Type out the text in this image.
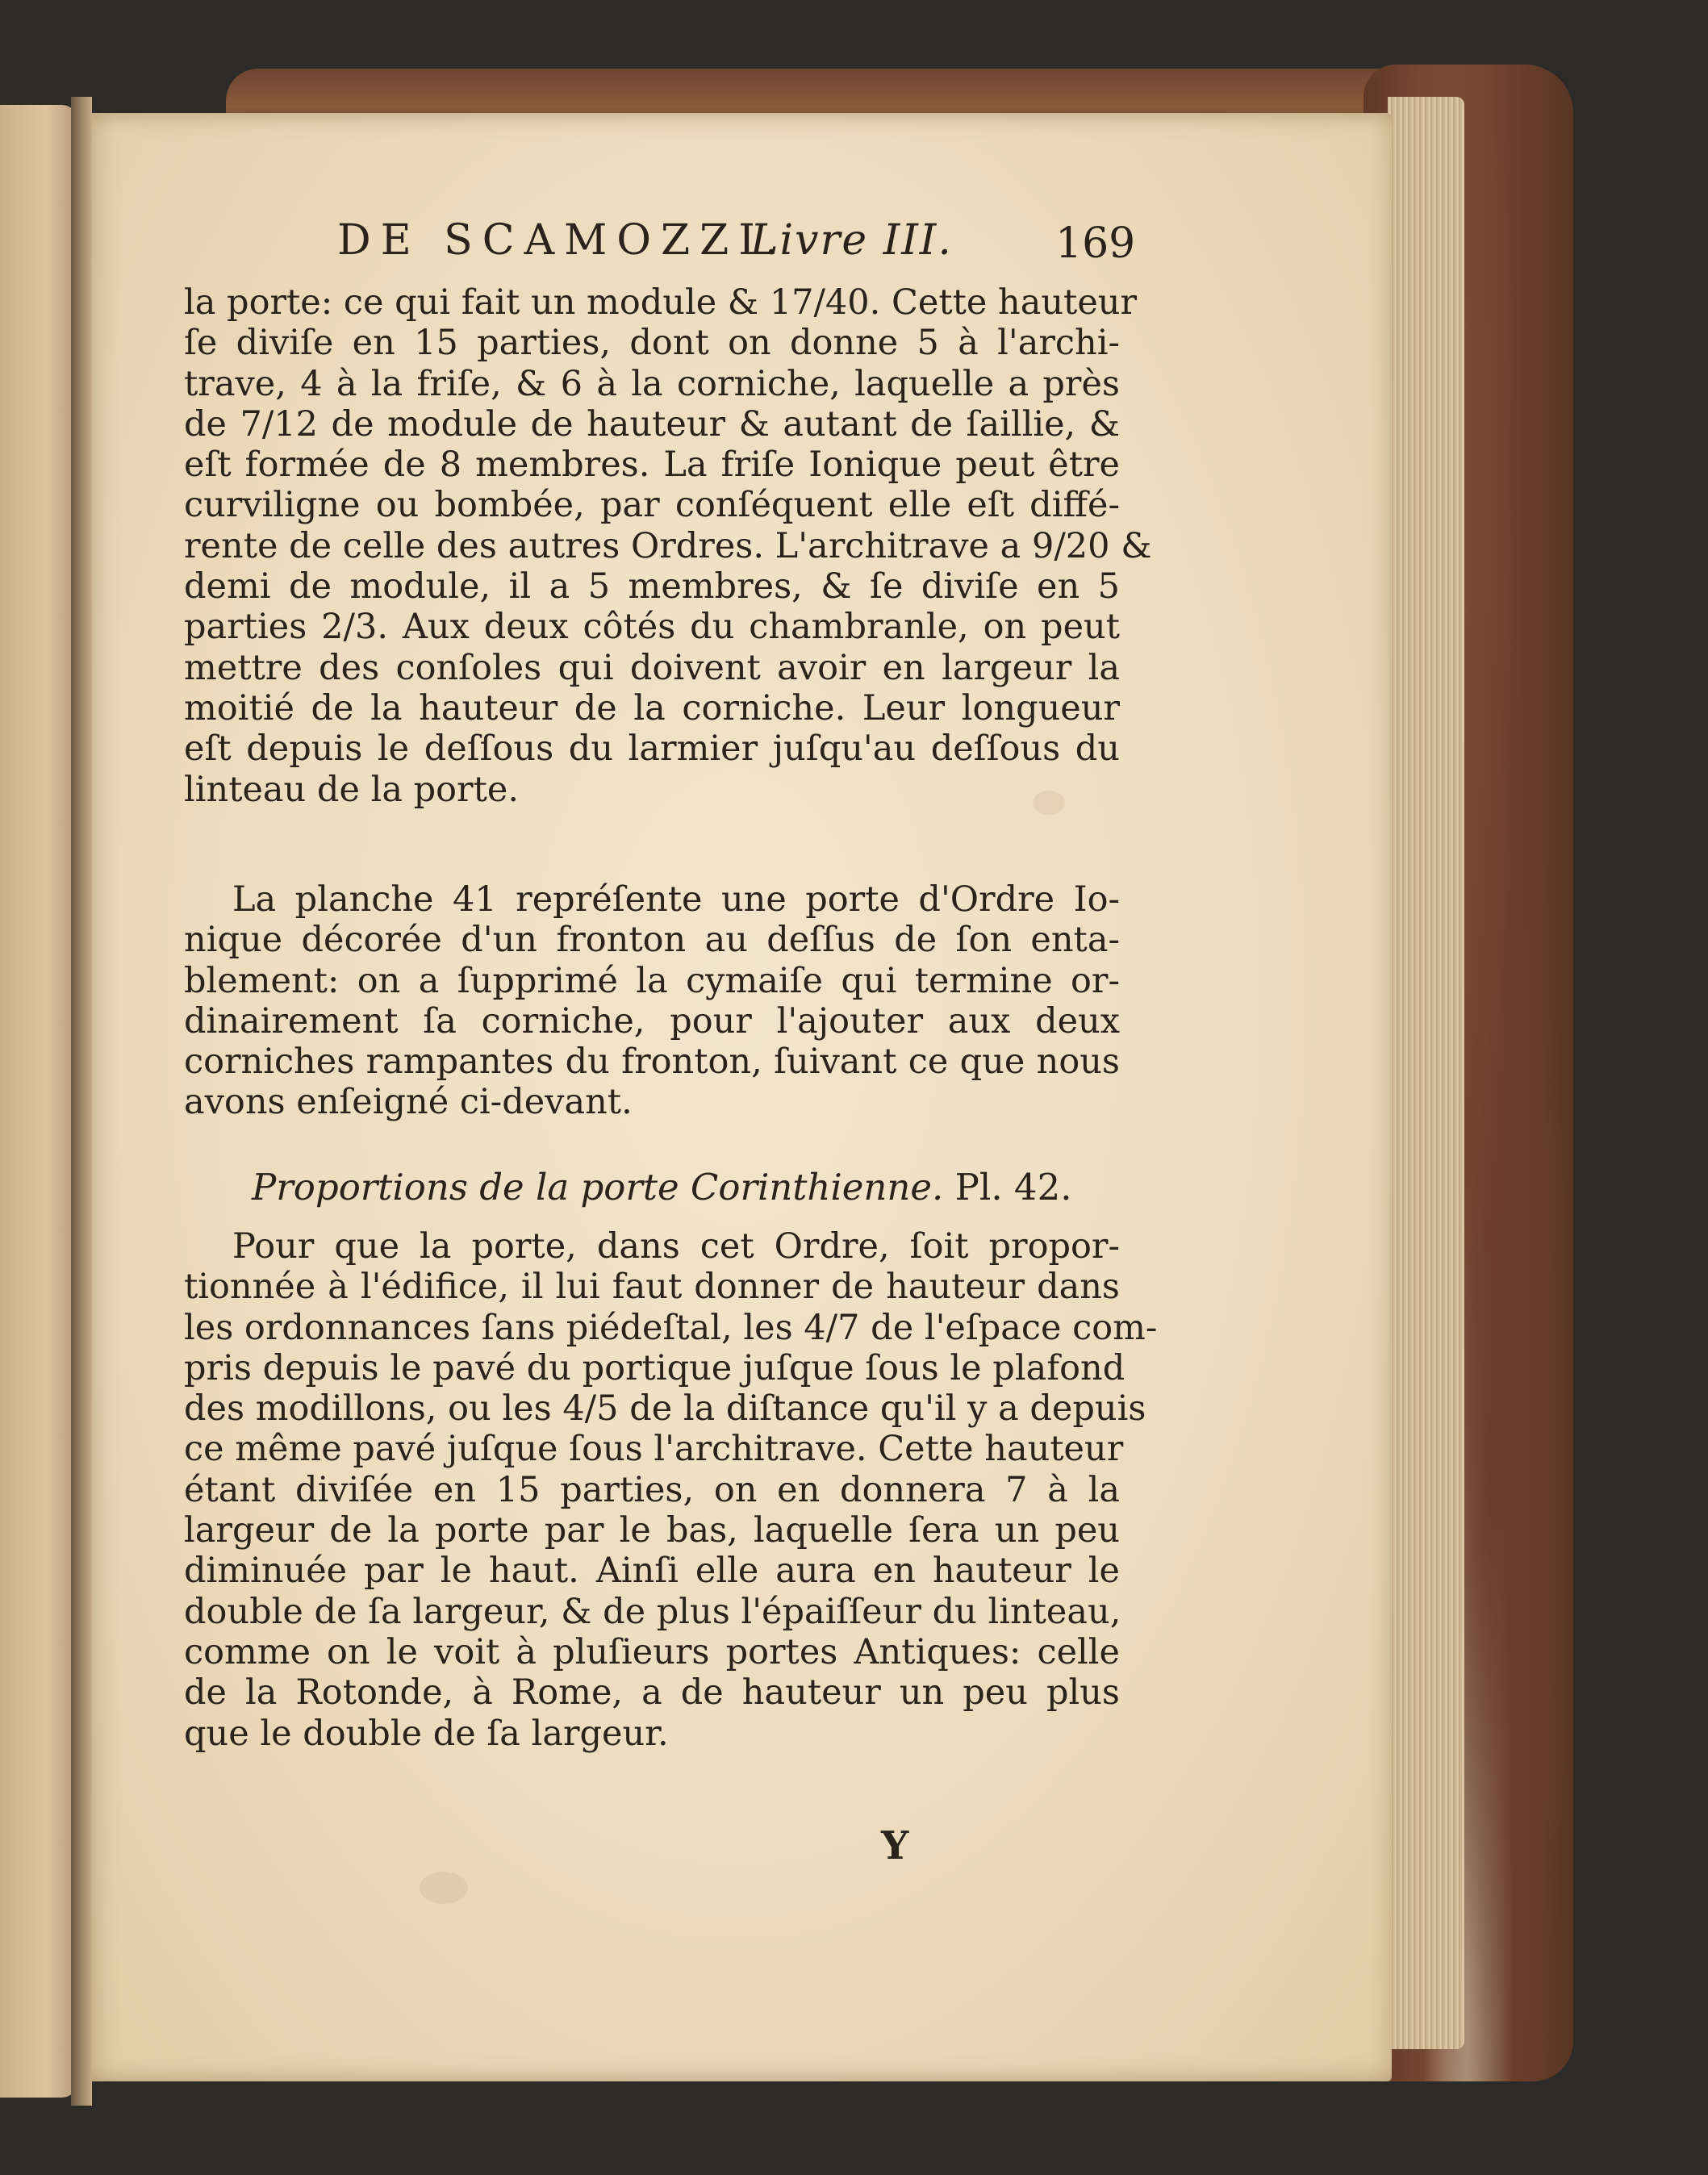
DE SCAMOZZI.
Livre III. 169
la porte: ce qui fait un module & 17/40. Cette hauteur
ſe diviſe en 15 parties, dont on donne 5 à l'archi-
trave, 4 à la friſe, & 6 à la corniche, laquelle a près
de 7/12 de module de hauteur & autant de ſaillie, &
eſt formée de 8 membres. La friſe Ionique peut être
curviligne ou bombée, par conſéquent elle eſt diffé-
rente de celle des autres Ordres. L'architrave a 9/20 &
demi de module, il a 5 membres, & ſe diviſe en 5
parties 2/3. Aux deux côtés du chambranle, on peut
mettre des conſoles qui doivent avoir en largeur la
moitié de la hauteur de la corniche. Leur longueur
eſt depuis le deſſous du larmier juſqu'au deſſous du
linteau de la porte.
La planche 41 repréſente une porte d'Ordre Io-
nique décorée d'un fronton au deſſus de ſon enta-
blement: on a ſupprimé la cymaiſe qui termine or-
dinairement ſa corniche, pour l'ajouter aux deux
corniches rampantes du fronton, ſuivant ce que nous
avons enſeigné ci-devant.
Proportions de la porte Corinthienne. Pl. 42.
Pour que la porte, dans cet Ordre, ſoit propor-
tionnée à l'édifice, il lui faut donner de hauteur dans
les ordonnances ſans piédeſtal, les 4/7 de l'eſpace com-
pris depuis le pavé du portique juſque ſous le plafond
des modillons, ou les 4/5 de la diſtance qu'il y a depuis
ce même pavé juſque ſous l'architrave. Cette hauteur
étant diviſée en 15 parties, on en donnera 7 à la
largeur de la porte par le bas, laquelle ſera un peu
diminuée par le haut. Ainſi elle aura en hauteur le
double de ſa largeur, & de plus l'épaiſſeur du linteau,
comme on le voit à pluſieurs portes Antiques: celle
de la Rotonde, à Rome, a de hauteur un peu plus
que le double de ſa largeur.
Y
